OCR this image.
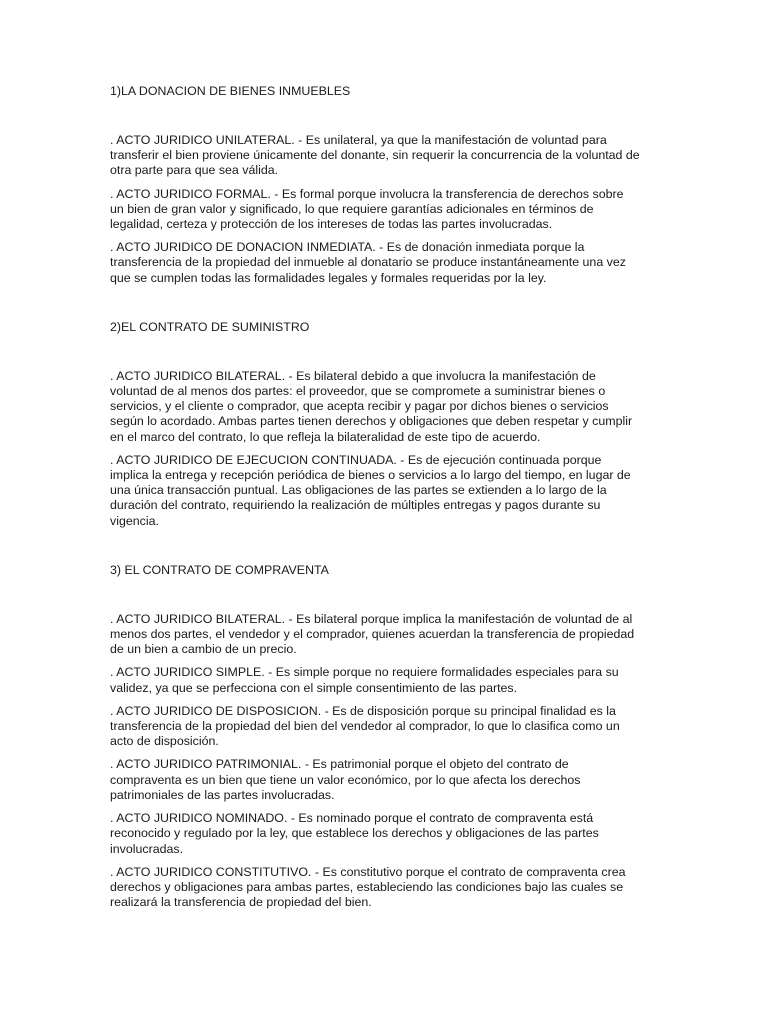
1)LA DONACION DE BIENES INMUEBLES

. ACTO JURIDICO UNILATERAL. - Es unilateral, ya que la manifestación de voluntad para transferir el bien proviene únicamente del donante, sin requerir la concurrencia de la voluntad de otra parte para que sea válida.

. ACTO JURIDICO FORMAL. - Es formal porque involucra la transferencia de derechos sobre un bien de gran valor y significado, lo que requiere garantías adicionales en términos de legalidad, certeza y protección de los intereses de todas las partes involucradas.

. ACTO JURIDICO DE DONACION INMEDIATA. - Es de donación inmediata porque la transferencia de la propiedad del inmueble al donatario se produce instantáneamente una vez que se cumplen todas las formalidades legales y formales requeridas por la ley.

2)EL CONTRATO DE SUMINISTRO

. ACTO JURIDICO BILATERAL. - Es bilateral debido a que involucra la manifestación de voluntad de al menos dos partes: el proveedor, que se compromete a suministrar bienes o servicios, y el cliente o comprador, que acepta recibir y pagar por dichos bienes o servicios según lo acordado. Ambas partes tienen derechos y obligaciones que deben respetar y cumplir en el marco del contrato, lo que refleja la bilateralidad de este tipo de acuerdo.

. ACTO JURIDICO DE EJECUCION CONTINUADA. - Es de ejecución continuada porque implica la entrega y recepción periódica de bienes o servicios a lo largo del tiempo, en lugar de una única transacción puntual. Las obligaciones de las partes se extienden a lo largo de la duración del contrato, requiriendo la realización de múltiples entregas y pagos durante su vigencia.

3) EL CONTRATO DE COMPRAVENTA

. ACTO JURIDICO BILATERAL. - Es bilateral porque implica la manifestación de voluntad de al menos dos partes, el vendedor y el comprador, quienes acuerdan la transferencia de propiedad de un bien a cambio de un precio.

. ACTO JURIDICO SIMPLE. - Es simple porque no requiere formalidades especiales para su validez, ya que se perfecciona con el simple consentimiento de las partes.

. ACTO JURIDICO DE DISPOSICION. - Es de disposición porque su principal finalidad es la transferencia de la propiedad del bien del vendedor al comprador, lo que lo clasifica como un acto de disposición.

. ACTO JURIDICO PATRIMONIAL. - Es patrimonial porque el objeto del contrato de compraventa es un bien que tiene un valor económico, por lo que afecta los derechos patrimoniales de las partes involucradas.

. ACTO JURIDICO NOMINADO. - Es nominado porque el contrato de compraventa está reconocido y regulado por la ley, que establece los derechos y obligaciones de las partes involucradas.

. ACTO JURIDICO CONSTITUTIVO. - Es constitutivo porque el contrato de compraventa crea derechos y obligaciones para ambas partes, estableciendo las condiciones bajo las cuales se realizará la transferencia de propiedad del bien.
